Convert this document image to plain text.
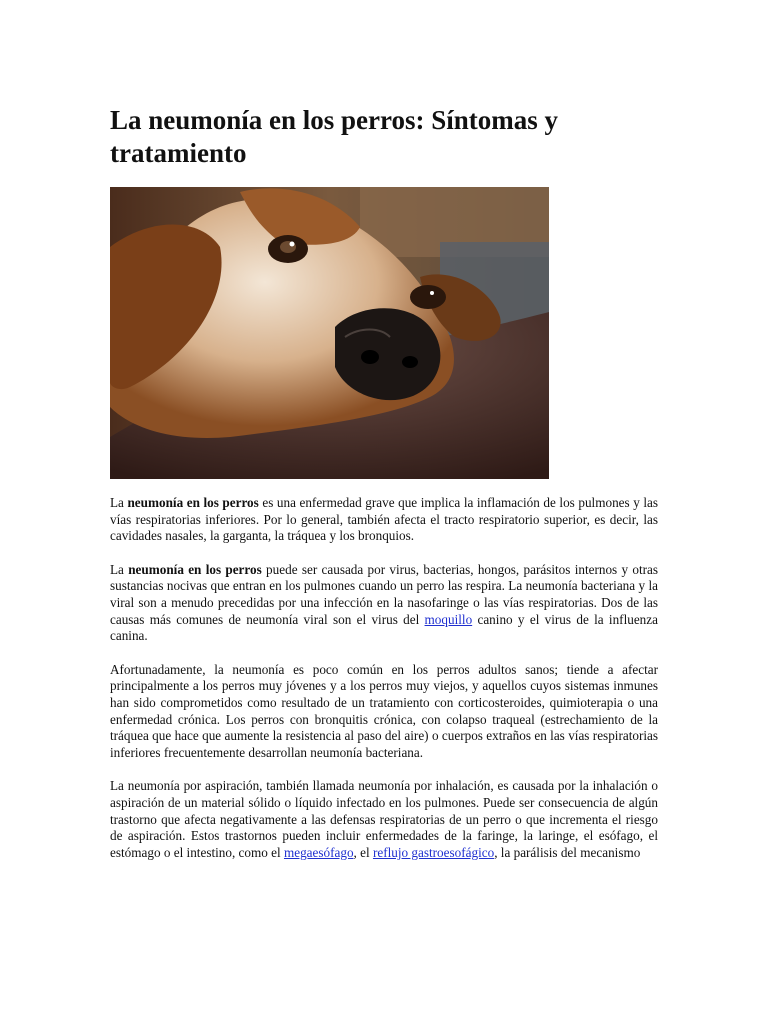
La neumonía en los perros: Síntomas y tratamiento

La neumonía en los perros es una enfermedad grave que implica la inflamación de los pulmones y las vías respiratorias inferiores. Por lo general, también afecta el tracto respiratorio superior, es decir, las cavidades nasales, la garganta, la tráquea y los bronquios.

La neumonía en los perros puede ser causada por virus, bacterias, hongos, parásitos internos y otras sustancias nocivas que entran en los pulmones cuando un perro las respira. La neumonía bacteriana y la viral son a menudo precedidas por una infección en la nasofaringe o las vías respiratorias. Dos de las causas más comunes de neumonía viral son el virus del moquillo canino y el virus de la influenza canina.

Afortunadamente, la neumonía es poco común en los perros adultos sanos; tiende a afectar principalmente a los perros muy jóvenes y a los perros muy viejos, y aquellos cuyos sistemas inmunes han sido comprometidos como resultado de un tratamiento con corticosteroides, quimioterapia o una enfermedad crónica. Los perros con bronquitis crónica, con colapso traqueal (estrechamiento de la tráquea que hace que aumente la resistencia al paso del aire) o cuerpos extraños en las vías respiratorias inferiores frecuentemente desarrollan neumonía bacteriana.

La neumonía por aspiración, también llamada neumonía por inhalación, es causada por la inhalación o aspiración de un material sólido o líquido infectado en los pulmones. Puede ser consecuencia de algún trastorno que afecta negativamente a las defensas respiratorias de un perro o que incrementa el riesgo de aspiración. Estos trastornos pueden incluir enfermedades de la faringe, la laringe, el esófago, el estómago o el intestino, como el megaesófago, el reflujo gastroesofágico, la parálisis del mecanismo
